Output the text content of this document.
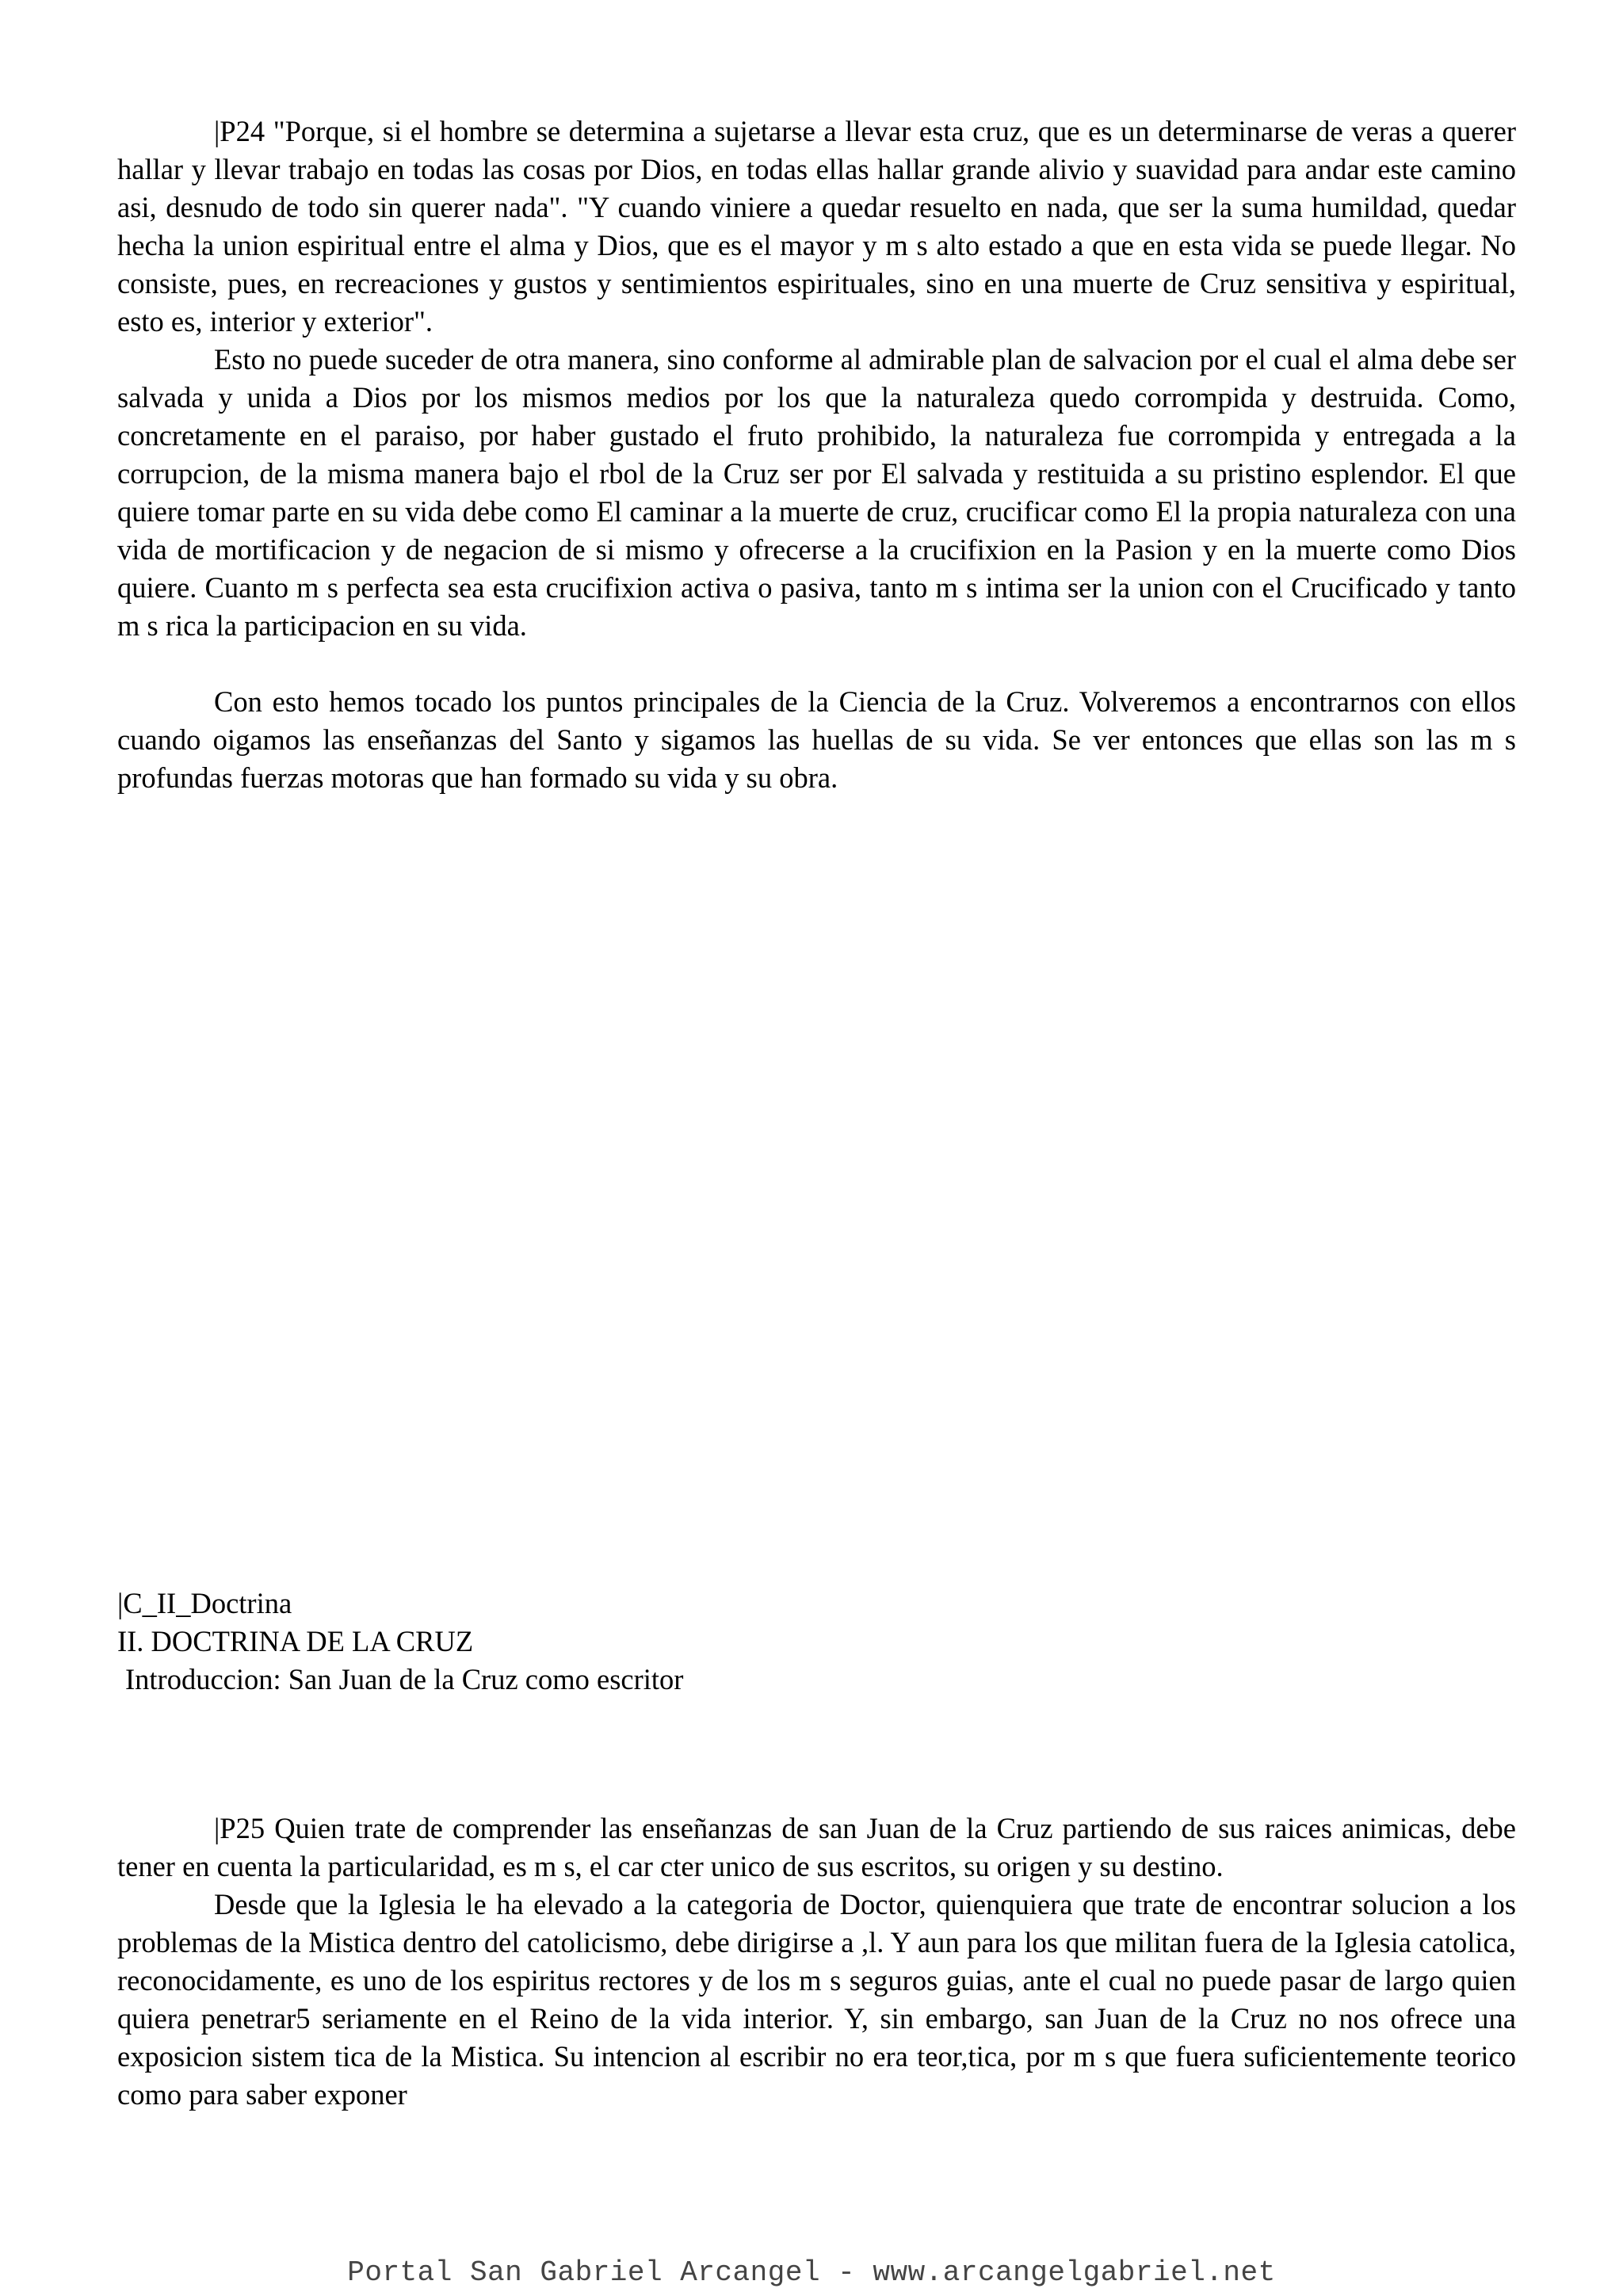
|P24 "Porque, si el hombre se determina a sujetarse a llevar esta cruz, que es un determinarse de veras a querer hallar y llevar trabajo en todas las cosas por Dios, en todas ellas hallar grande alivio y suavidad para andar este camino asi, desnudo de todo sin querer nada". "Y cuando viniere a quedar resuelto en nada, que ser la suma humildad, quedar hecha la union espiritual entre el alma y Dios, que es el mayor y m s alto estado a que en esta vida se puede llegar. No consiste, pues, en recreaciones y gustos y sentimientos espirituales, sino en una muerte de Cruz sensitiva y espiritual, esto es, interior y exterior".

Esto no puede suceder de otra manera, sino conforme al admirable plan de salvacion por el cual el alma debe ser salvada y unida a Dios por los mismos medios por los que la naturaleza quedo corrompida y destruida. Como, concretamente en el paraiso, por haber gustado el fruto prohibido, la naturaleza fue corrompida y entregada a la corrupcion, de la misma manera bajo el rbol de la Cruz ser por El salvada y restituida a su pristino esplendor. El que quiere tomar parte en su vida debe como El caminar a la muerte de cruz, crucificar como El la propia naturaleza con una vida de mortificacion y de negacion de si mismo y ofrecerse a la crucifixion en la Pasion y en la muerte como Dios quiere. Cuanto m s perfecta sea esta crucifixion activa o pasiva, tanto m s intima ser la union con el Crucificado y tanto m s rica la participacion en su vida.

Con esto hemos tocado los puntos principales de la Ciencia de la Cruz. Volveremos a encontrarnos con ellos cuando oigamos las enseñanzas del Santo y sigamos las huellas de su vida. Se ver entonces que ellas son las m s profundas fuerzas motoras que han formado su vida y su obra.

|C_II_Doctrina
II. DOCTRINA DE LA CRUZ
Introduccion: San Juan de la Cruz como escritor

|P25 Quien trate de comprender las enseñanzas de san Juan de la Cruz partiendo de sus raices animicas, debe tener en cuenta la particularidad, es m s, el car cter unico de sus escritos, su origen y su destino.

Desde que la Iglesia le ha elevado a la categoria de Doctor, quienquiera que trate de encontrar solucion a los problemas de la Mistica dentro del catolicismo, debe dirigirse a ,l. Y aun para los que militan fuera de la Iglesia catolica, reconocidamente, es uno de los espiritus rectores y de los m s seguros guias, ante el cual no puede pasar de largo quien quiera penetrar5 seriamente en el Reino de la vida interior. Y, sin embargo, san Juan de la Cruz no nos ofrece una exposicion sistem tica de la Mistica. Su intencion al escribir no era teor,tica, por m s que fuera suficientemente teorico como para saber exponer

Portal San Gabriel Arcangel - www.arcangelgabriel.net
